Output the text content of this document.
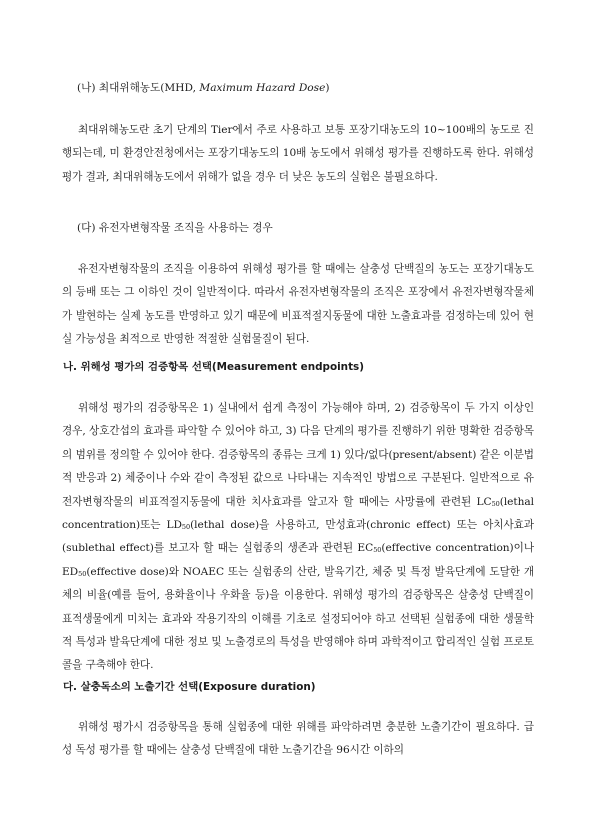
(나) 최대위해농도(MHD, Maximum Hazard Dose)

최대위해농도란 초기 단계의 Tier에서 주로 사용하고 보통 포장기대농도의 10~100배의 농도로 진행되는데, 미 환경안전청에서는 포장기대농도의 10배 농도에서 위해성 평가를 진행하도록 한다. 위해성 평가 결과, 최대위해농도에서 위해가 없을 경우 더 낮은 농도의 실험은 불필요하다.

(다) 유전자변형작물 조직을 사용하는 경우

유전자변형작물의 조직을 이용하여 위해성 평가를 할 때에는 살충성 단백질의 농도는 포장기대농도의 등배 또는 그 이하인 것이 일반적이다. 따라서 유전자변형작물의 조직은 포장에서 유전자변형작물체가 발현하는 실제 농도를 반영하고 있기 때문에 비표적절지동물에 대한 노출효과를 검정하는데 있어 현실 가능성을 최적으로 반영한 적절한 실험물질이 된다.

나. 위해성 평가의 검증항목 선택(Measurement endpoints)

위해성 평가의 검증항목은 1) 실내에서 쉽게 측정이 가능해야 하며, 2) 검증항목이 두 가지 이상인 경우, 상호간섭의 효과를 파악할 수 있어야 하고, 3) 다음 단계의 평가를 진행하기 위한 명확한 검증항목의 범위를 정의할 수 있어야 한다. 검증항목의 종류는 크게 1) 있다/없다(present/absent) 같은 이분법적 반응과 2) 체중이나 수와 같이 측정된 값으로 나타내는 지속적인 방법으로 구분된다. 일반적으로 유전자변형작물의 비표적절지동물에 대한 치사효과를 알고자 할 때에는 사망률에 관련된 $LC_{50}(lethal$ concentration)또는 $LD_{50}(lethal$ dose)을 사용하고, 만성효과(chronic effect) 또는 아치사효과(sublethal effect)를 보고자 할 때는 실험종의 생존과 관련된 $EC_{50}(effective$ concentration)이나 $ED_{50}(effective$ dose)와 NOAEC 또는 실험종의 산란, 발육기간, 체중 및 특정 발육단계에 도달한 개체의 비율(예를 들어, 용화율이나 우화율 등)을 이용한다. 위해성 평가의 검증항목은 살충성 단백질이 표적생물에게 미치는 효과와 작용기작의 이해를 기초로 설정되어야 하고 선택된 실험종에 대한 생물학적 특성과 발육단계에 대한 정보 및 노출경로의 특성을 반영해야 하며 과학적이고 합리적인 실험 프로토콜을 구축해야 한다.

다. 살충독소의 노출기간 선택(Exposure duration)

위해성 평가시 검증항목을 통해 실험종에 대한 위해를 파악하려면 충분한 노출기간이 필요하다. 급성 독성 평가를 할 때에는 살충성 단백질에 대한 노출기간을 96시간 이하의
